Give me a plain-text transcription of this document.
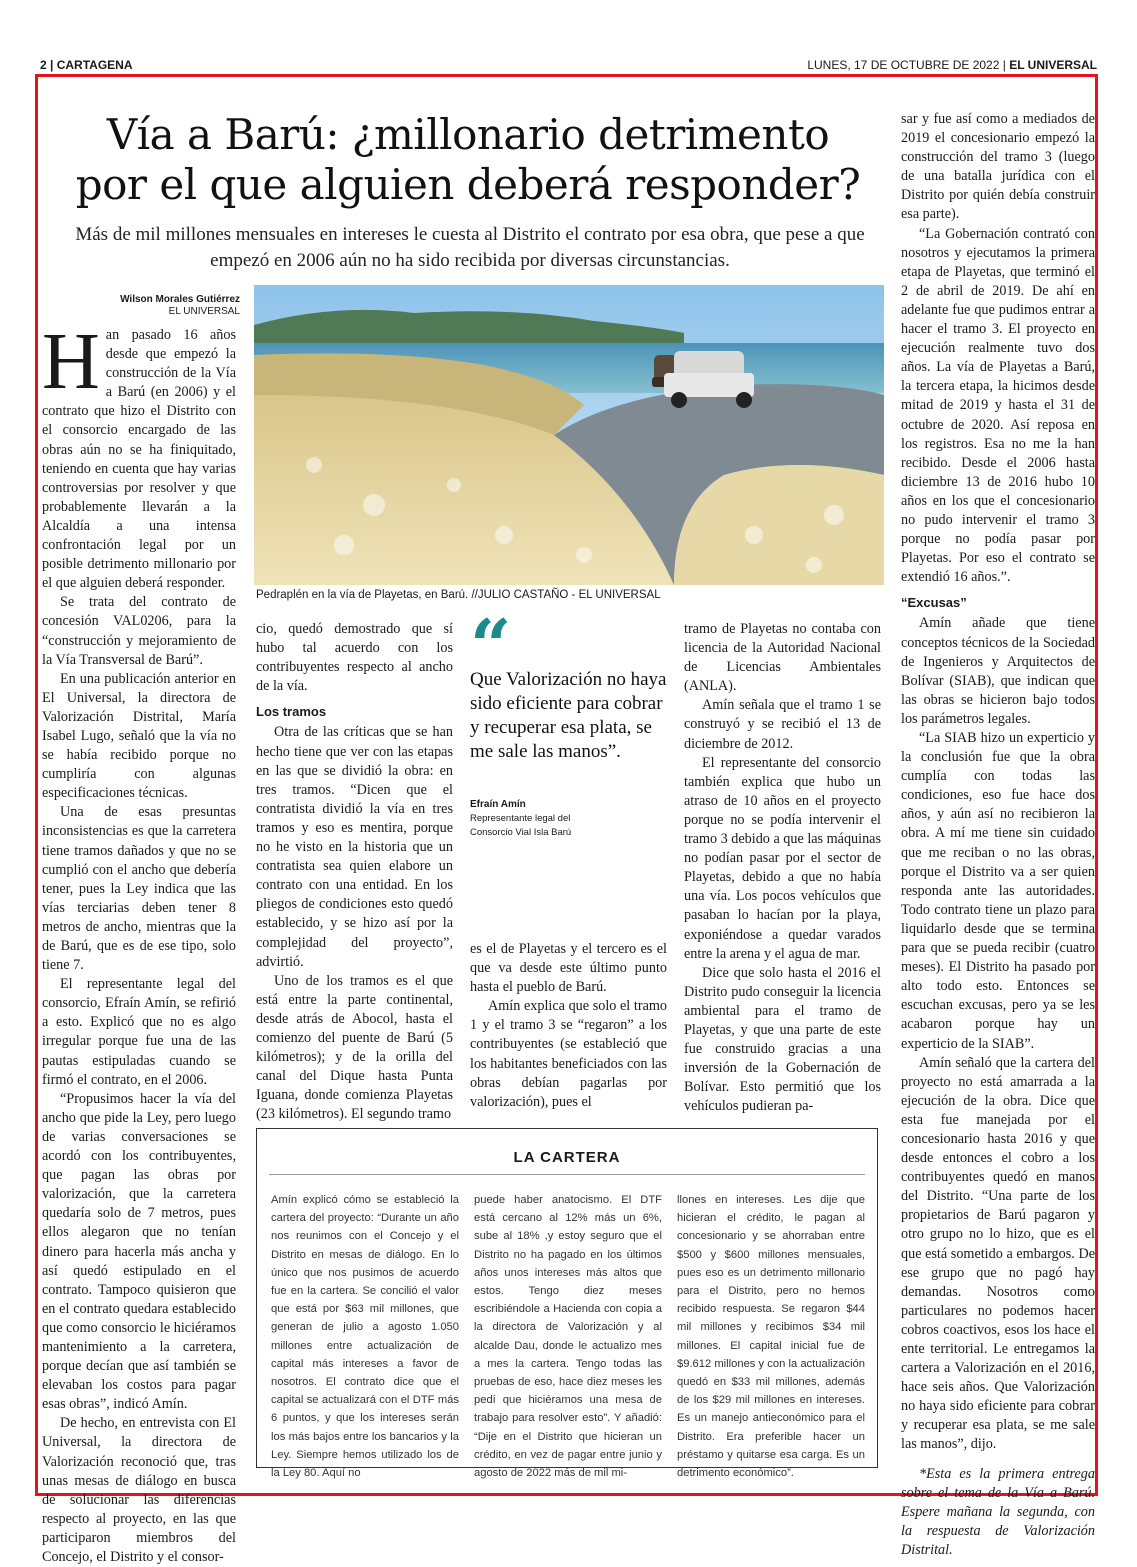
2 | CARTAGENA	LUNES, 17 DE OCTUBRE DE 2022 | EL UNIVERSAL
Vía a Barú: ¿millonario detrimento
por el que alguien deberá responder?
Más de mil millones mensuales en intereses le cuesta al Distrito el contrato por esa obra, que pese a que empezó en 2006 aún no ha sido recibida por diversas circunstancias.
Wilson Morales Gutiérrez
EL UNIVERSAL
H an pasado 16 años desde que empezó la construcción de la Vía a Barú (en 2006) y el contrato que hizo el Distrito con el consorcio encargado de las obras aún no se ha finiquitado, teniendo en cuenta que hay varias controversias por resolver y que probablemente llevarán a la Alcaldía a una intensa confrontación legal por un posible detrimento millonario por el que alguien deberá responder.

Se trata del contrato de concesión VAL0206, para la “construcción y mejoramiento de la Vía Transversal de Barú”.

En una publicación anterior en El Universal, la directora de Valorización Distrital, María Isabel Lugo, señaló que la vía no se había recibido porque no cumpliría con algunas especificaciones técnicas.

Una de esas presuntas inconsistencias es que la carretera tiene tramos dañados y que no se cumplió con el ancho que debería tener, pues la Ley indica que las vías terciarias deben tener 8 metros de ancho, mientras que la de Barú, que es de ese tipo, solo tiene 7.

El representante legal del consorcio, Efraín Amín, se refirió a esto. Explicó que no es algo irregular porque fue una de las pautas estipuladas cuando se firmó el contrato, en el 2006.

“Propusimos hacer la vía del ancho que pide la Ley, pero luego de varias conversaciones se acordó con los contribuyentes, que pagan las obras por valorización, que la carretera quedaría solo de 7 metros, pues ellos alegaron que no tenían dinero para hacerla más ancha y así quedó estipulado en el contrato. Tampoco quisieron que en el contrato quedara establecido que como consorcio le hiciéramos mantenimiento a la carretera, porque decían que así también se elevaban los costos para pagar esas obras”, indicó Amín.

De hecho, en entrevista con El Universal, la directora de Valorización reconoció que, tras unas mesas de diálogo en busca de solucionar las diferencias respecto al proyecto, en las que participaron miembros del Concejo, el Distrito y el consor-

Pedraplén en la vía de Playetas, en Barú. //JULIO CASTAÑO - EL UNIVERSAL

cio, quedó demostrado que sí hubo tal acuerdo con los contribuyentes respecto al ancho de la vía.

Los tramos

Otra de las críticas que se han hecho tiene que ver con las etapas en las que se dividió la obra: en tres tramos. “Dicen que el contratista dividió la vía en tres tramos y eso es mentira, porque no he visto en la historia que un contratista sea quien elabore un contrato con una entidad. En los pliegos de condiciones esto quedó establecido, y se hizo así por la complejidad del proyecto”, advirtió.

Uno de los tramos es el que está entre la parte continental, desde atrás de Abocol, hasta el comienzo del puente de Barú (5 kilómetros); y de la orilla del canal del Dique hasta Punta Iguana, donde comienza Playetas (23 kilómetros). El segundo tramo

“
Que Valorización no haya sido eficiente para cobrar y recuperar esa plata, se me sale las manos”.
Efraín Amín
Representante legal del
Consorcio Vial Isla Barú

es el de Playetas y el tercero es el que va desde este último punto hasta el pueblo de Barú.

Amín explica que solo el tramo 1 y el tramo 3 se “regaron” a los contribuyentes (se estableció que los habitantes beneficiados con las obras debían pagarlas por valorización), pues el

tramo de Playetas no contaba con licencia de la Autoridad Nacional de Licencias Ambientales (ANLA).

Amín señala que el tramo 1 se construyó y se recibió el 13 de diciembre de 2012.

El representante del consorcio también explica que hubo un atraso de 10 años en el proyecto porque no se podía intervenir el tramo 3 debido a que las máquinas no podían pasar por el sector de Playetas, debido a que no había una vía. Los pocos vehículos que pasaban lo hacían por la playa, exponiéndose a quedar varados entre la arena y el agua de mar.

Dice que solo hasta el 2016 el Distrito pudo conseguir la licencia ambiental para el tramo de Playetas, y que una parte de este fue construido gracias a una inversión de la Gobernación de Bolívar. Esto permitió que los vehículos pudieran pa-

sar y fue así como a mediados de 2019 el concesionario empezó la construcción del tramo 3 (luego de una batalla jurídica con el Distrito por quién debía construir esa parte).

“La Gobernación contrató con nosotros y ejecutamos la primera etapa de Playetas, que terminó el 2 de abril de 2019. De ahí en adelante fue que pudimos entrar a hacer el tramo 3. El proyecto en ejecución realmente tuvo dos años. La vía de Playetas a Barú, la tercera etapa, la hicimos desde mitad de 2019 y hasta el 31 de octubre de 2020. Así reposa en los registros. Esa no me la han recibido. Desde el 2006 hasta diciembre 13 de 2016 hubo 10 años en los que el concesionario no pudo intervenir el tramo 3 porque no podía pasar por Playetas. Por eso el contrato se extendió 16 años.”.

“Excusas”

Amín añade que tiene conceptos técnicos de la Sociedad de Ingenieros y Arquitectos de Bolívar (SIAB), que indican que las obras se hicieron bajo todos los parámetros legales.

“La SIAB hizo un experticio y la conclusión fue que la obra cumplía con todas las condiciones, eso fue hace dos años, y aún así no recibieron la obra. A mí me tiene sin cuidado que me reciban o no las obras, porque el Distrito va a ser quien responda ante las autoridades. Todo contrato tiene un plazo para liquidarlo desde que se termina para que se pueda recibir (cuatro meses). El Distrito ha pasado por alto todo esto. Entonces se escuchan excusas, pero ya se les acabaron porque hay un experticio de la SIAB”.

Amín señaló que la cartera del proyecto no está amarrada a la ejecución de la obra. Dice que esta fue manejada por el concesionario hasta 2016 y que desde entonces el cobro a los contribuyentes quedó en manos del Distrito. “Una parte de los propietarios de Barú pagaron y otro grupo no lo hizo, que es el que está sometido a embargos. De ese grupo que no pagó hay demandas. Nosotros como particulares no podemos hacer cobros coactivos, esos los hace el ente territorial. Le entregamos la cartera a Valorización en el 2016, hace seis años. Que Valorización no haya sido eficiente para cobrar y recuperar esa plata, se me sale las manos”, dijo.

*Esta es la primera entrega sobre el tema de la Vía a Barú. Espere mañana la segunda, con la respuesta de Valorización Distrital.

LA CARTERA
Amín explicó cómo se estableció la cartera del proyecto: “Durante un año nos reunimos con el Concejo y el Distrito en mesas de diálogo. En lo único que nos pusimos de acuerdo fue en la cartera. Se concilió el valor que está por $63 mil millones, que generan de julio a agosto 1.050 millones entre actualización de capital más intereses a favor de nosotros. El contrato dice que el capital se actualizará con el DTF más 6 puntos, y que los intereses serán los más bajos entre los bancarios y la Ley. Siempre hemos utilizado los de la Ley 80. Aquí no
puede haber anatocismo. El DTF está cercano al 12% más un 6%, sube al 18% ,y estoy seguro que el Distrito no ha pagado en los últimos años unos intereses más altos que estos. Tengo diez meses escribiéndole a Hacienda con copia a la directora de Valorización y al alcalde Dau, donde le actualizo mes a mes la cartera. Tengo todas las pruebas de eso, hace diez meses les pedí que hiciéramos una mesa de trabajo para resolver esto”. Y añadió: “Dije en el Distrito que hicieran un crédito, en vez de pagar entre junio y agosto de 2022 más de mil mi-
llones en intereses. Les dije que hicieran el crédito, le pagan al concesionario y se ahorraban entre $500 y $600 millones mensuales, pues eso es un detrimento millonario para el Distrito, pero no hemos recibido respuesta. Se regaron $44 mil millones y recibimos $34 mil millones. El capital inicial fue de $9.612 millones y con la actualización quedó en $33 mil millones, además de los $29 mil millones en intereses. Es un manejo antieconómico para el Distrito. Era preferible hacer un préstamo y quitarse esa carga. Es un detrimento económico”.
